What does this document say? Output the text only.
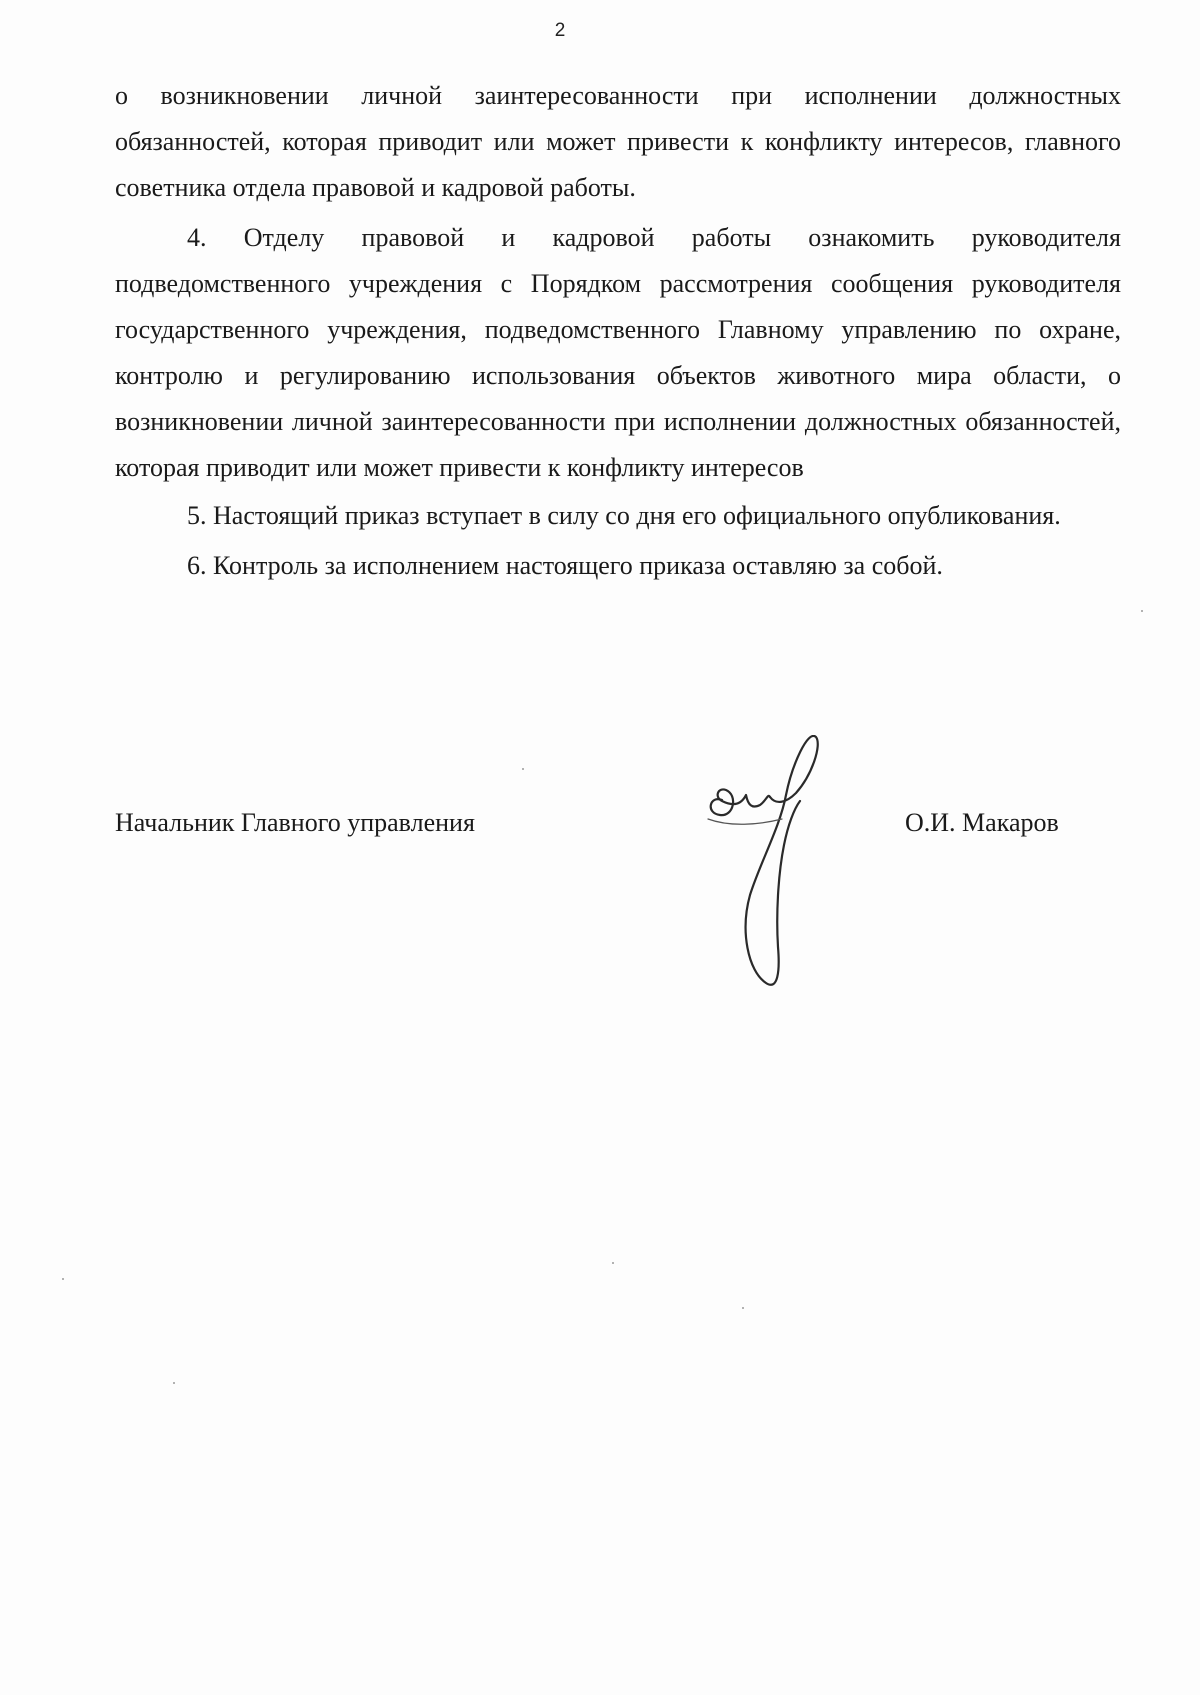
2

о возникновении личной заинтересованности при исполнении должностных обязанностей, которая приводит или может привести к конфликту интересов, главного советника отдела правовой и кадровой работы.

4. Отделу правовой и кадровой работы ознакомить руководителя подведомственного учреждения с Порядком рассмотрения сообщения руководителя государственного учреждения, подведомственного Главному управлению по охране, контролю и регулированию использования объектов животного мира области, о возникновении личной заинтересованности при исполнении должностных обязанностей, которая приводит или может привести к конфликту интересов

5. Настоящий приказ вступает в силу со дня его официального опубликования.

6. Контроль за исполнением настоящего приказа оставляю за собой.

Начальник Главного управления	О.И. Макаров
